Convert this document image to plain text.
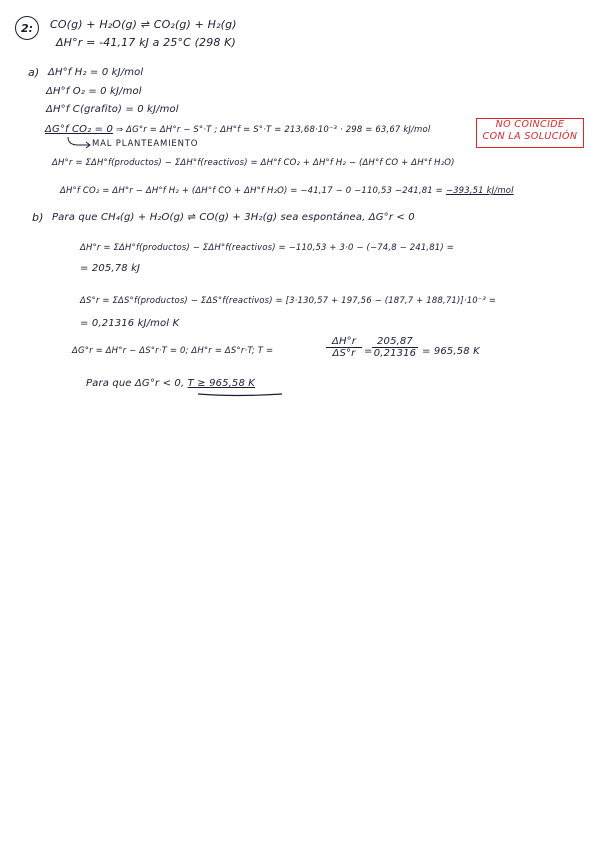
2:	CO(g) + H₂O(g) ⇌ CO₂(g) + H₂(g)
ΔH°r = -41,17 kJ a 25°C (298 K)
a) ΔH°f H₂ = 0 kJ/mol
ΔH°f O₂ = 0 kJ/mol
ΔH°f C(grafito) = 0 kJ/mol
ΔG°f CO₂ = 0 ⇒ ΔG°r = ΔH°r − S°·T ; ΔH°f = S°·T = 213,68·10⁻³ · 298 = 63,67 kJ/mol
MAL PLANTEAMIENTO
NO COINCIDE
CON LA SOLUCIÓN
ΔH°r = ΣΔH°f(productos) − ΣΔH°f(reactivos) = ΔH°f CO₂ + ΔH°f H₂ − (ΔH°f CO + ΔH°f H₂O)
ΔH°f CO₂ = ΔH°r − ΔH°f H₂ + (ΔH°f CO + ΔH°f H₂O) = −41,17 − 0 −110,53 −241,81 = −393,51 kJ/mol
b) Para que CH₄(g) + H₂O(g) ⇌ CO(g) + 3H₂(g) sea espontánea, ΔG°r < 0
ΔH°r = ΣΔH°f(productos) − ΣΔH°f(reactivos) = −110,53 + 3·0 − (−74,8 − 241,81) =
= 205,78 kJ
ΔS°r = ΣΔS°f(productos) − ΣΔS°f(reactivos) = [3·130,57 + 197,56 − (187,7 + 188,71)]·10⁻³ =
= 0,21316 kJ/mol K
ΔG°r = ΔH°r − ΔS°r·T = 0; ΔH°r = ΔS°r·T; T =	$\frac{\Delta H^\circ r}{\Delta S^\circ r} = \frac{205,87}{0,21316} = 965,58$ K
Para que ΔG°r < 0, T ≥ 965,58 K
